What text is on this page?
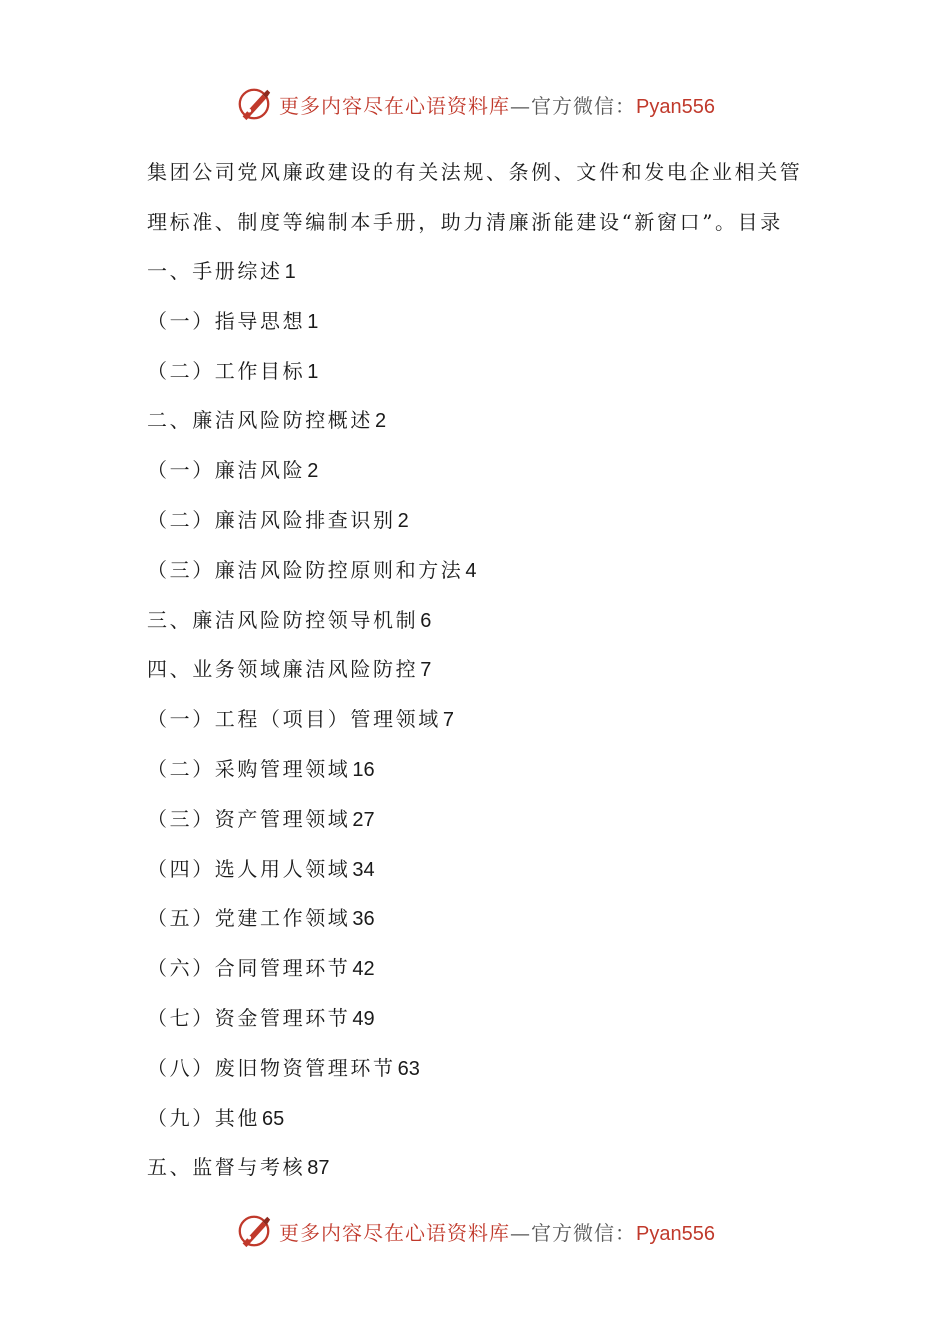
更多内容尽在心语资料库—官方微信：Pyan556

集团公司党风廉政建设的有关法规、条例、文件和发电企业相关管理标准、制度等编制本手册，助力清廉浙能建设“新窗口”。目录

一、手册综述 1
（一）指导思想 1
（二）工作目标 1
二、廉洁风险防控概述 2
（一）廉洁风险 2
（二）廉洁风险排查识别 2
（三）廉洁风险防控原则和方法 4
三、廉洁风险防控领导机制 6
四、业务领域廉洁风险防控 7
（一）工程（项目）管理领域 7
（二）采购管理领域 16
（三）资产管理领域 27
（四）选人用人领域 34
（五）党建工作领域 36
（六）合同管理环节 42
（七）资金管理环节 49
（八）废旧物资管理环节 63
（九）其他 65
五、监督与考核 87
更多内容尽在心语资料库—官方微信：Pyan556
